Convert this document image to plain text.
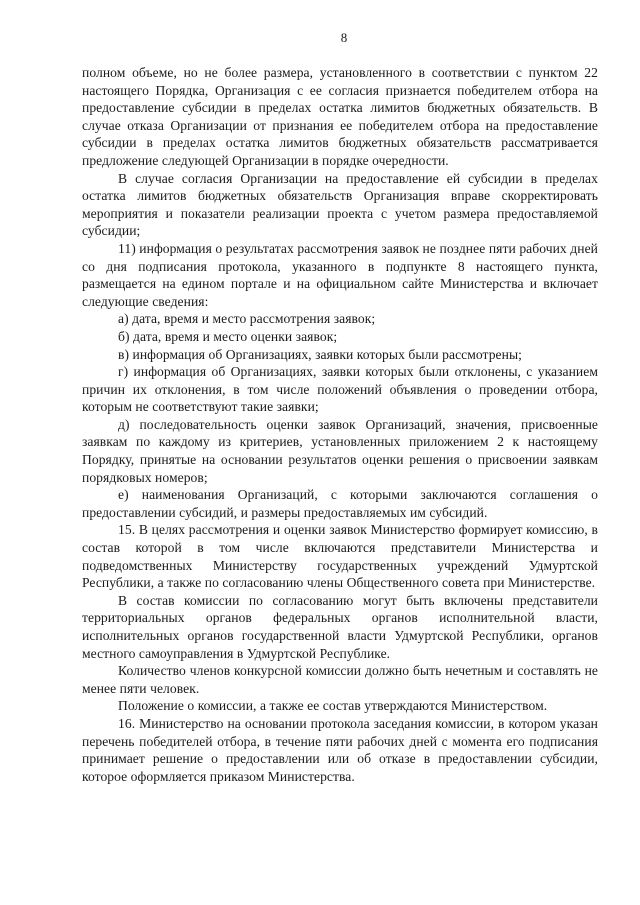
8

полном объеме, но не более размера, установленного в соответствии с пунктом 22 настоящего Порядка, Организация с ее согласия признается победителем отбора на предоставление субсидии в пределах остатка лимитов бюджетных обязательств. В случае отказа Организации от признания ее победителем отбора на предоставление субсидии в пределах остатка лимитов бюджетных обязательств рассматривается предложение следующей Организации в порядке очередности.

В случае согласия Организации на предоставление ей субсидии в пределах остатка лимитов бюджетных обязательств Организация вправе скорректировать мероприятия и показатели реализации проекта с учетом размера предоставляемой субсидии;

11) информация о результатах рассмотрения заявок не позднее пяти рабочих дней со дня подписания протокола, указанного в подпункте 8 настоящего пункта, размещается на едином портале и на официальном сайте Министерства и включает следующие сведения:

а) дата, время и место рассмотрения заявок;

б) дата, время и место оценки заявок;

в) информация об Организациях, заявки которых были рассмотрены;

г) информация об Организациях, заявки которых были отклонены, с указанием причин их отклонения, в том числе положений объявления о проведении отбора, которым не соответствуют такие заявки;

д) последовательность оценки заявок Организаций, значения, присвоенные заявкам по каждому из критериев, установленных приложением 2 к настоящему Порядку, принятые на основании результатов оценки решения о присвоении заявкам порядковых номеров;

е) наименования Организаций, с которыми заключаются соглашения о предоставлении субсидий, и размеры предоставляемых им субсидий.

15. В целях рассмотрения и оценки заявок Министерство формирует комиссию, в состав которой в том числе включаются представители Министерства и подведомственных Министерству государственных учреждений Удмуртской Республики, а также по согласованию члены Общественного совета при Министерстве.

В состав комиссии по согласованию могут быть включены представители территориальных органов федеральных органов исполнительной власти, исполнительных органов государственной власти Удмуртской Республики, органов местного самоуправления в Удмуртской Республике.

Количество членов конкурсной комиссии должно быть нечетным и составлять не менее пяти человек.

Положение о комиссии, а также ее состав утверждаются Министерством.

16. Министерство на основании протокола заседания комиссии, в котором указан перечень победителей отбора, в течение пяти рабочих дней с момента его подписания принимает решение о предоставлении или об отказе в предоставлении субсидии, которое оформляется приказом Министерства.
